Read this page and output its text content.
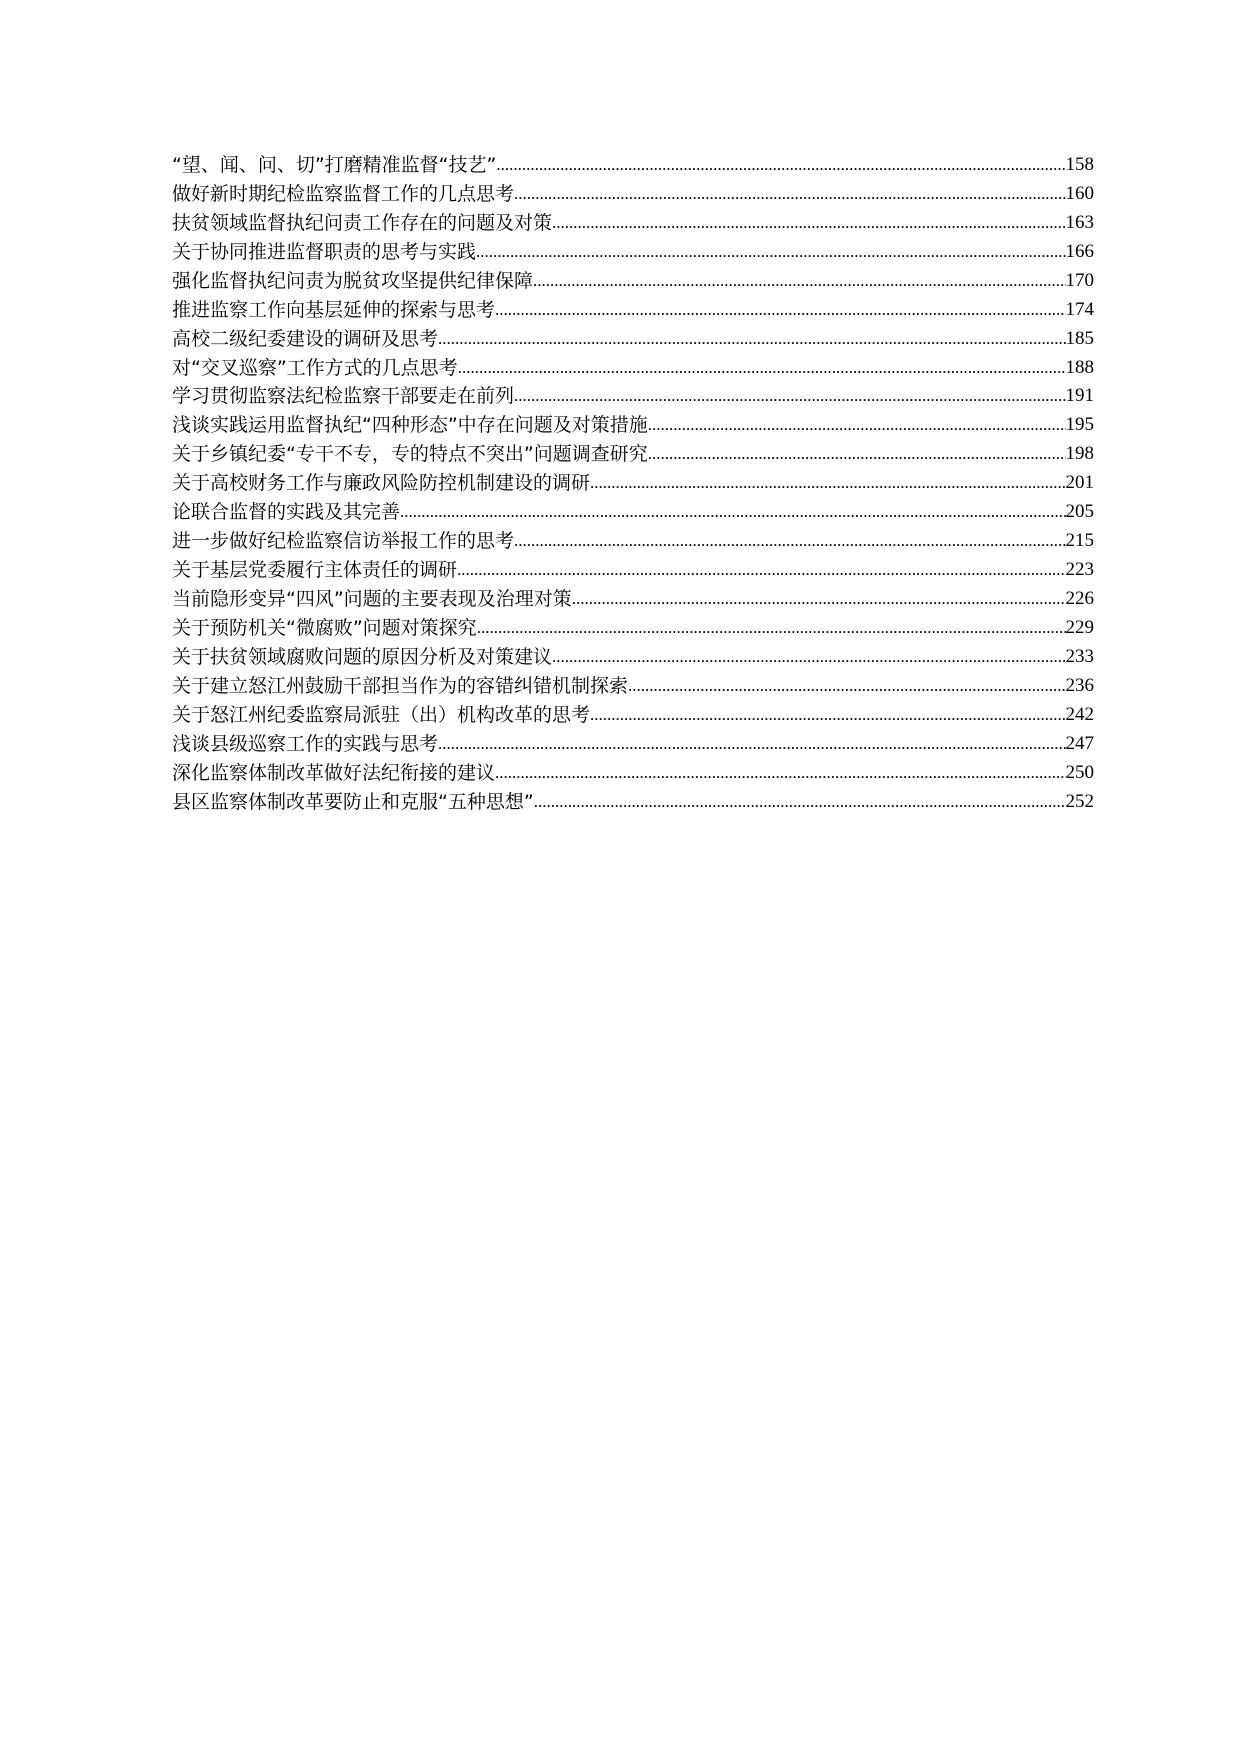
“望、闻、问、切”打磨精准监督“技艺” .....	158
做好新时期纪检监察监督工作的几点思考 .....	160
扶贫领域监督执纪问责工作存在的问题及对策 .....	163
关于协同推进监督职责的思考与实践 .....	166
强化监督执纪问责为脱贫攻坚提供纪律保障 .....	170
推进监察工作向基层延伸的探索与思考 .....	174
高校二级纪委建设的调研及思考 .....	185
对“交叉巡察”工作方式的几点思考 .....	188
学习贯彻监察法纪检监察干部要走在前列 .....	191
浅谈实践运用监督执纪“四种形态”中存在问题及对策措施 .....	195
关于乡镇纪委“专干不专，专的特点不突出”问题调查研究 .....	198
关于高校财务工作与廉政风险防控机制建设的调研 .....	201
论联合监督的实践及其完善 .....	205
进一步做好纪检监察信访举报工作的思考 .....	215
关于基层党委履行主体责任的调研 .....	223
当前隐形变异“四风”问题的主要表现及治理对策 .....	226
关于预防机关“微腐败”问题对策探究 .....	229
关于扶贫领域腐败问题的原因分析及对策建议 .....	233
关于建立怒江州鼓励干部担当作为的容错纠错机制探索 .....	236
关于怒江州纪委监察局派驻（出）机构改革的思考 .....	242
浅谈县级巡察工作的实践与思考 .....	247
深化监察体制改革做好法纪衔接的建议 .....	250
县区监察体制改革要防止和克服“五种思想” .....	252
